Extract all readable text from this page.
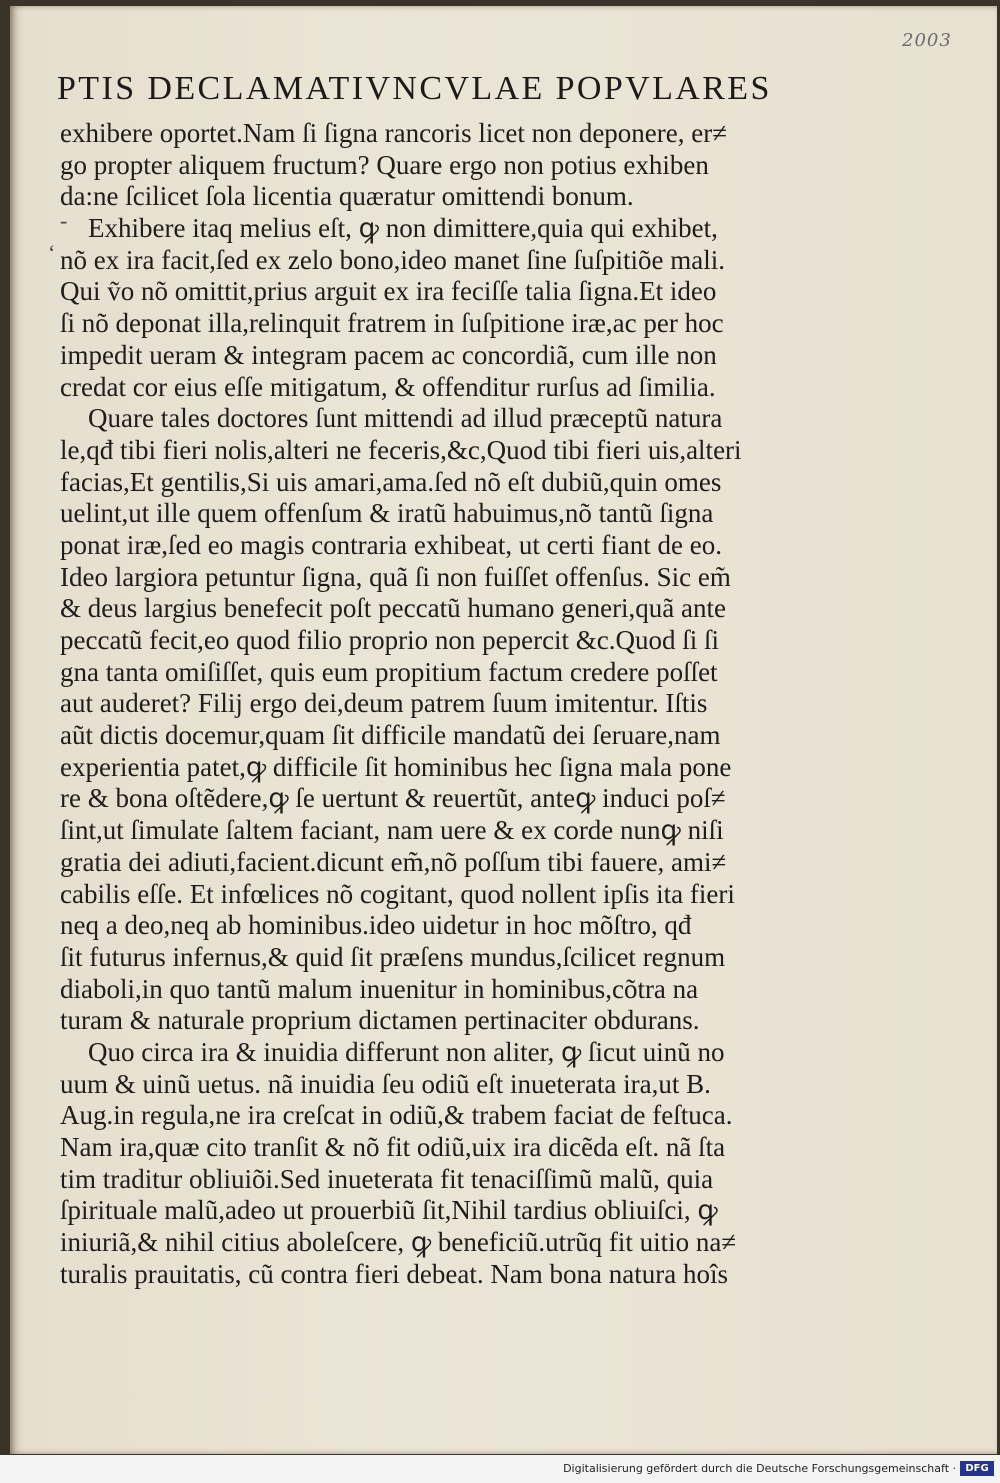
2003
PTIS DECLAMATIVNCVLAE POPVLARES
exhibere oportet.Nam ſi ſigna rancoris licet non deponere, er≠
go propter aliquem fructum? Quare ergo non potius exhiben
da:ne ſcilicet ſola licentia quæratur omittendi bonum.
Exhibere itaq melius eſt, ꝙ non dimittere,quia qui exhibet,
nõ ex ira facit,ſed ex zelo bono,ideo manet ſine ſuſpitiõe mali.
Qui ṽo nõ omittit,prius arguit ex ira feciſſe talia ſigna.Et ideo
ſi nõ deponat illa,relinquit fratrem in ſuſpitione iræ,ac per hoc
impedit ueram & integram pacem ac concordiã, cum ille non
credat cor eius eſſe mitigatum, & offenditur rurſus ad ſimilia.
Quare tales doctores ſunt mittendi ad illud præceptũ natura
le,qđ tibi fieri nolis,alteri ne feceris,&c,Quod tibi fieri uis,alteri
facias,Et gentilis,Si uis amari,ama.ſed nõ eſt dubiũ,quin omes
uelint,ut ille quem offenſum & iratũ habuimus,nõ tantũ ſigna
ponat iræ,ſed eo magis contraria exhibeat, ut certi fiant de eo.
Ideo largiora petuntur ſigna, quã ſi non fuiſſet offenſus. Sic em̃
& deus largius benefecit poſt peccatũ humano generi,quã ante
peccatũ fecit,eo quod filio proprio non pepercit &c.Quod ſi ſi
gna tanta omiſiſſet, quis eum propitium factum credere poſſet
aut auderet? Filij ergo dei,deum patrem ſuum imitentur. Iſtis
aũt dictis docemur,quam ſit difficile mandatũ dei ſeruare,nam
experientia patet,ꝙ difficile ſit hominibus hec ſigna mala pone
re & bona oſtẽdere,ꝙ ſe uertunt & reuertũt, anteꝙ induci poſ≠
ſint,ut ſimulate ſaltem faciant, nam uere & ex corde nunꝙ niſi
gratia dei adiuti,facient.dicunt em̃,nõ poſſum tibi fauere, ami≠
cabilis eſſe. Et infœlices nõ cogitant, quod nollent ipſis ita fieri
neq a deo,neq ab hominibus.ideo uidetur in hoc mõſtro, qđ
ſit futurus infernus,& quid ſit præſens mundus,ſcilicet regnum
diaboli,in quo tantũ malum inuenitur in hominibus,cõtra na
turam & naturale proprium dictamen pertinaciter obdurans.
Quo circa ira & inuidia differunt non aliter, ꝙ ſicut uinũ no
uum & uinũ uetus. nã inuidia ſeu odiũ eſt inueterata ira,ut B.
Aug.in regula,ne ira creſcat in odiũ,& trabem faciat de feſtuca.
Nam ira,quæ cito tranſit & nõ fit odiũ,uix ira dicẽda eſt. nã ſta
tim traditur obliuiõi.Sed inueterata fit tenaciſſimũ malũ, quia
ſpirituale malũ,adeo ut prouerbiũ ſit,Nihil tardius obliuiſci, ꝙ
iniuriã,& nihil citius aboleſcere, ꝙ beneficiũ.utrũq fit uitio na≠
turalis prauitatis, cũ contra fieri debeat. Nam bona natura hoîs
-
‘
Digitalisierung gefördert durch die Deutsche Forschungsgemeinschaft · DFG
